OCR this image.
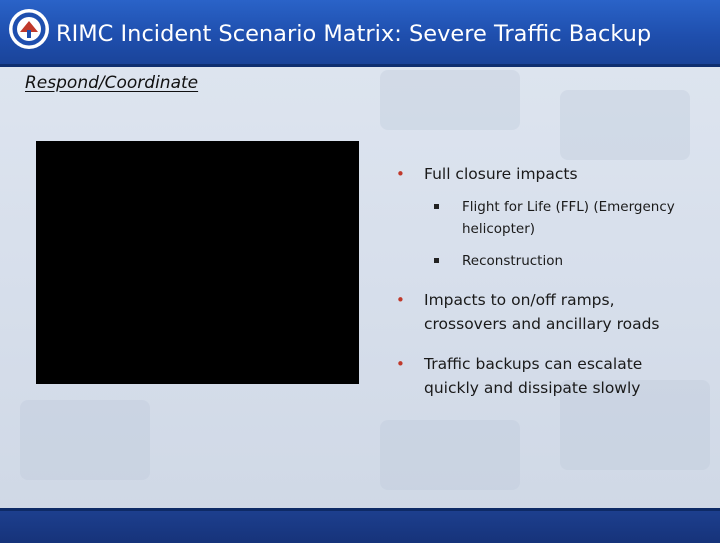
RIMC Incident Scenario Matrix: Severe Traffic Backup
Respond/Coordinate
• Full closure impacts
Flight for Life (FFL) (Emergency helicopter)
Reconstruction
• Impacts to on/off ramps, crossovers and ancillary roads
• Traffic backups can escalate quickly and dissipate slowly
